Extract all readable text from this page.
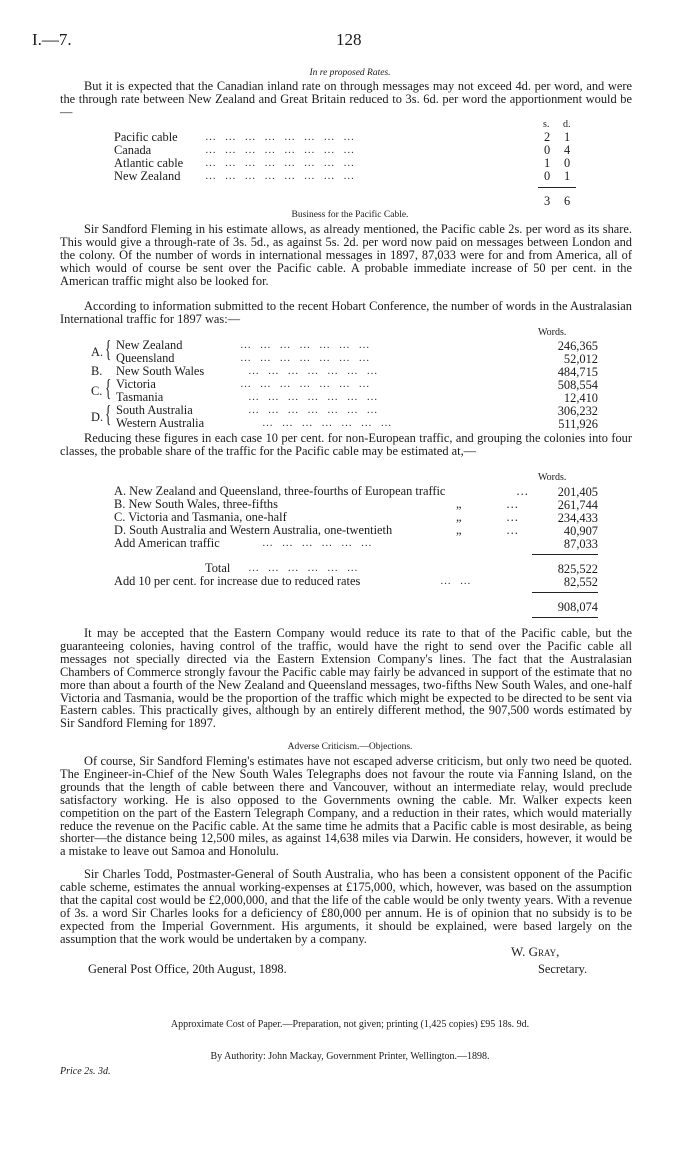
I.—7.	128
In re proposed Rates.

But it is expected that the Canadian inland rate on through messages may not exceed 4d. per word, and were the through rate between New Zealand and Great Britain reduced to 3s. 6d. per word the apportionment would be—

s. d.
Pacific cable … … … … … … … …	2 1
Canada	… … … … … … … …	0 4
Atlantic cable … … … … … … … …	1 0
New Zealand … … … … … … … …	0 1
3 6
Business for the Pacific Cable.

Sir Sandford Fleming in his estimate allows, as already mentioned, the Pacific cable 2s. per word as its share. This would give a through-rate of 3s. 5d., as against 5s. 2d. per word now paid on messages between London and the colony. Of the number of words in international messages in 1897, 87,033 were for and from America, all of which would of course be sent over the Pacific cable. A probable immediate increase of 50 per cent. in the American traffic might also be looked for.

According to information submitted to the recent Hobart Conference, the number of words in the Australasian International traffic for 1897 was:—

Words.
A. { New Zealand	… … … … … … …	246,365
Queensland	… … … … … … …	52,012
B. New South Wales	… … … … … … …	484,715
C. { Victoria	… … … … … … …	508,554
Tasmania	… … … … … … …	12,410
D. { South Australia	… … … … … … …	306,232
Western Australia	… … … … … … …	511,926

Reducing these figures in each case 10 per cent. for non-European traffic, and grouping the colonies into four classes, the probable share of the traffic for the Pacific cable may be estimated at,—

Words.
A. New Zealand and Queensland, three-fourths of European traffic	…	201,405
B. New South Wales, three-fifths	„	…	261,744
C. Victoria and Tasmania, one-half	„	…	234,433
D. South Australia and Western Australia, one-twentieth	„	…	40,907
Add American traffic	… … … … … …	87,033
Total … … … … … …	825,522
Add 10 per cent. for increase due to reduced rates	… …	82,552
908,074

It may be accepted that the Eastern Company would reduce its rate to that of the Pacific cable, but the guaranteeing colonies, having control of the traffic, would have the right to send over the Pacific cable all messages not specially directed via the Eastern Extension Company's lines. The fact that the Australasian Chambers of Commerce strongly favour the Pacific cable may fairly be advanced in support of the estimate that no more than about a fourth of the New Zealand and Queensland messages, two-fifths New South Wales, and one-half Victoria and Tasmania, would be the proportion of the traffic which might be expected to be directed to be sent via Eastern cables. This practically gives, although by an entirely different method, the 907,500 words estimated by Sir Sandford Fleming for 1897.

Adverse Criticism.—Objections.

Of course, Sir Sandford Fleming's estimates have not escaped adverse criticism, but only two need be quoted. The Engineer-in-Chief of the New South Wales Telegraphs does not favour the route via Fanning Island, on the grounds that the length of cable between there and Vancouver, without an intermediate relay, would preclude satisfactory working. He is also opposed to the Governments owning the cable. Mr. Walker expects keen competition on the part of the Eastern Telegraph Company, and a reduction in their rates, which would materially reduce the revenue on the Pacific cable. At the same time he admits that a Pacific cable is most desirable, as being shorter—the distance being 12,500 miles, as against 14,638 miles via Darwin. He considers, however, it would be a mistake to leave out Samoa and Honolulu.

Sir Charles Todd, Postmaster-General of South Australia, who has been a consistent opponent of the Pacific cable scheme, estimates the annual working-expenses at £175,000, which, however, was based on the assumption that the capital cost would be £2,000,000, and that the life of the cable would be only twenty years. With a revenue of 3s. a word Sir Charles looks for a deficiency of £80,000 per annum. He is of opinion that no subsidy is to be expected from the Imperial Government. His arguments, it should be explained, were based largely on the assumption that the work would be undertaken by a company.

W. Gray,
Secretary.
General Post Office, 20th August, 1898.
Approximate Cost of Paper.—Preparation, not given; printing (1,425 copies) £95 18s. 9d.
By Authority: John Mackay, Government Printer, Wellington.—1898.
Price 2s. 3d.
